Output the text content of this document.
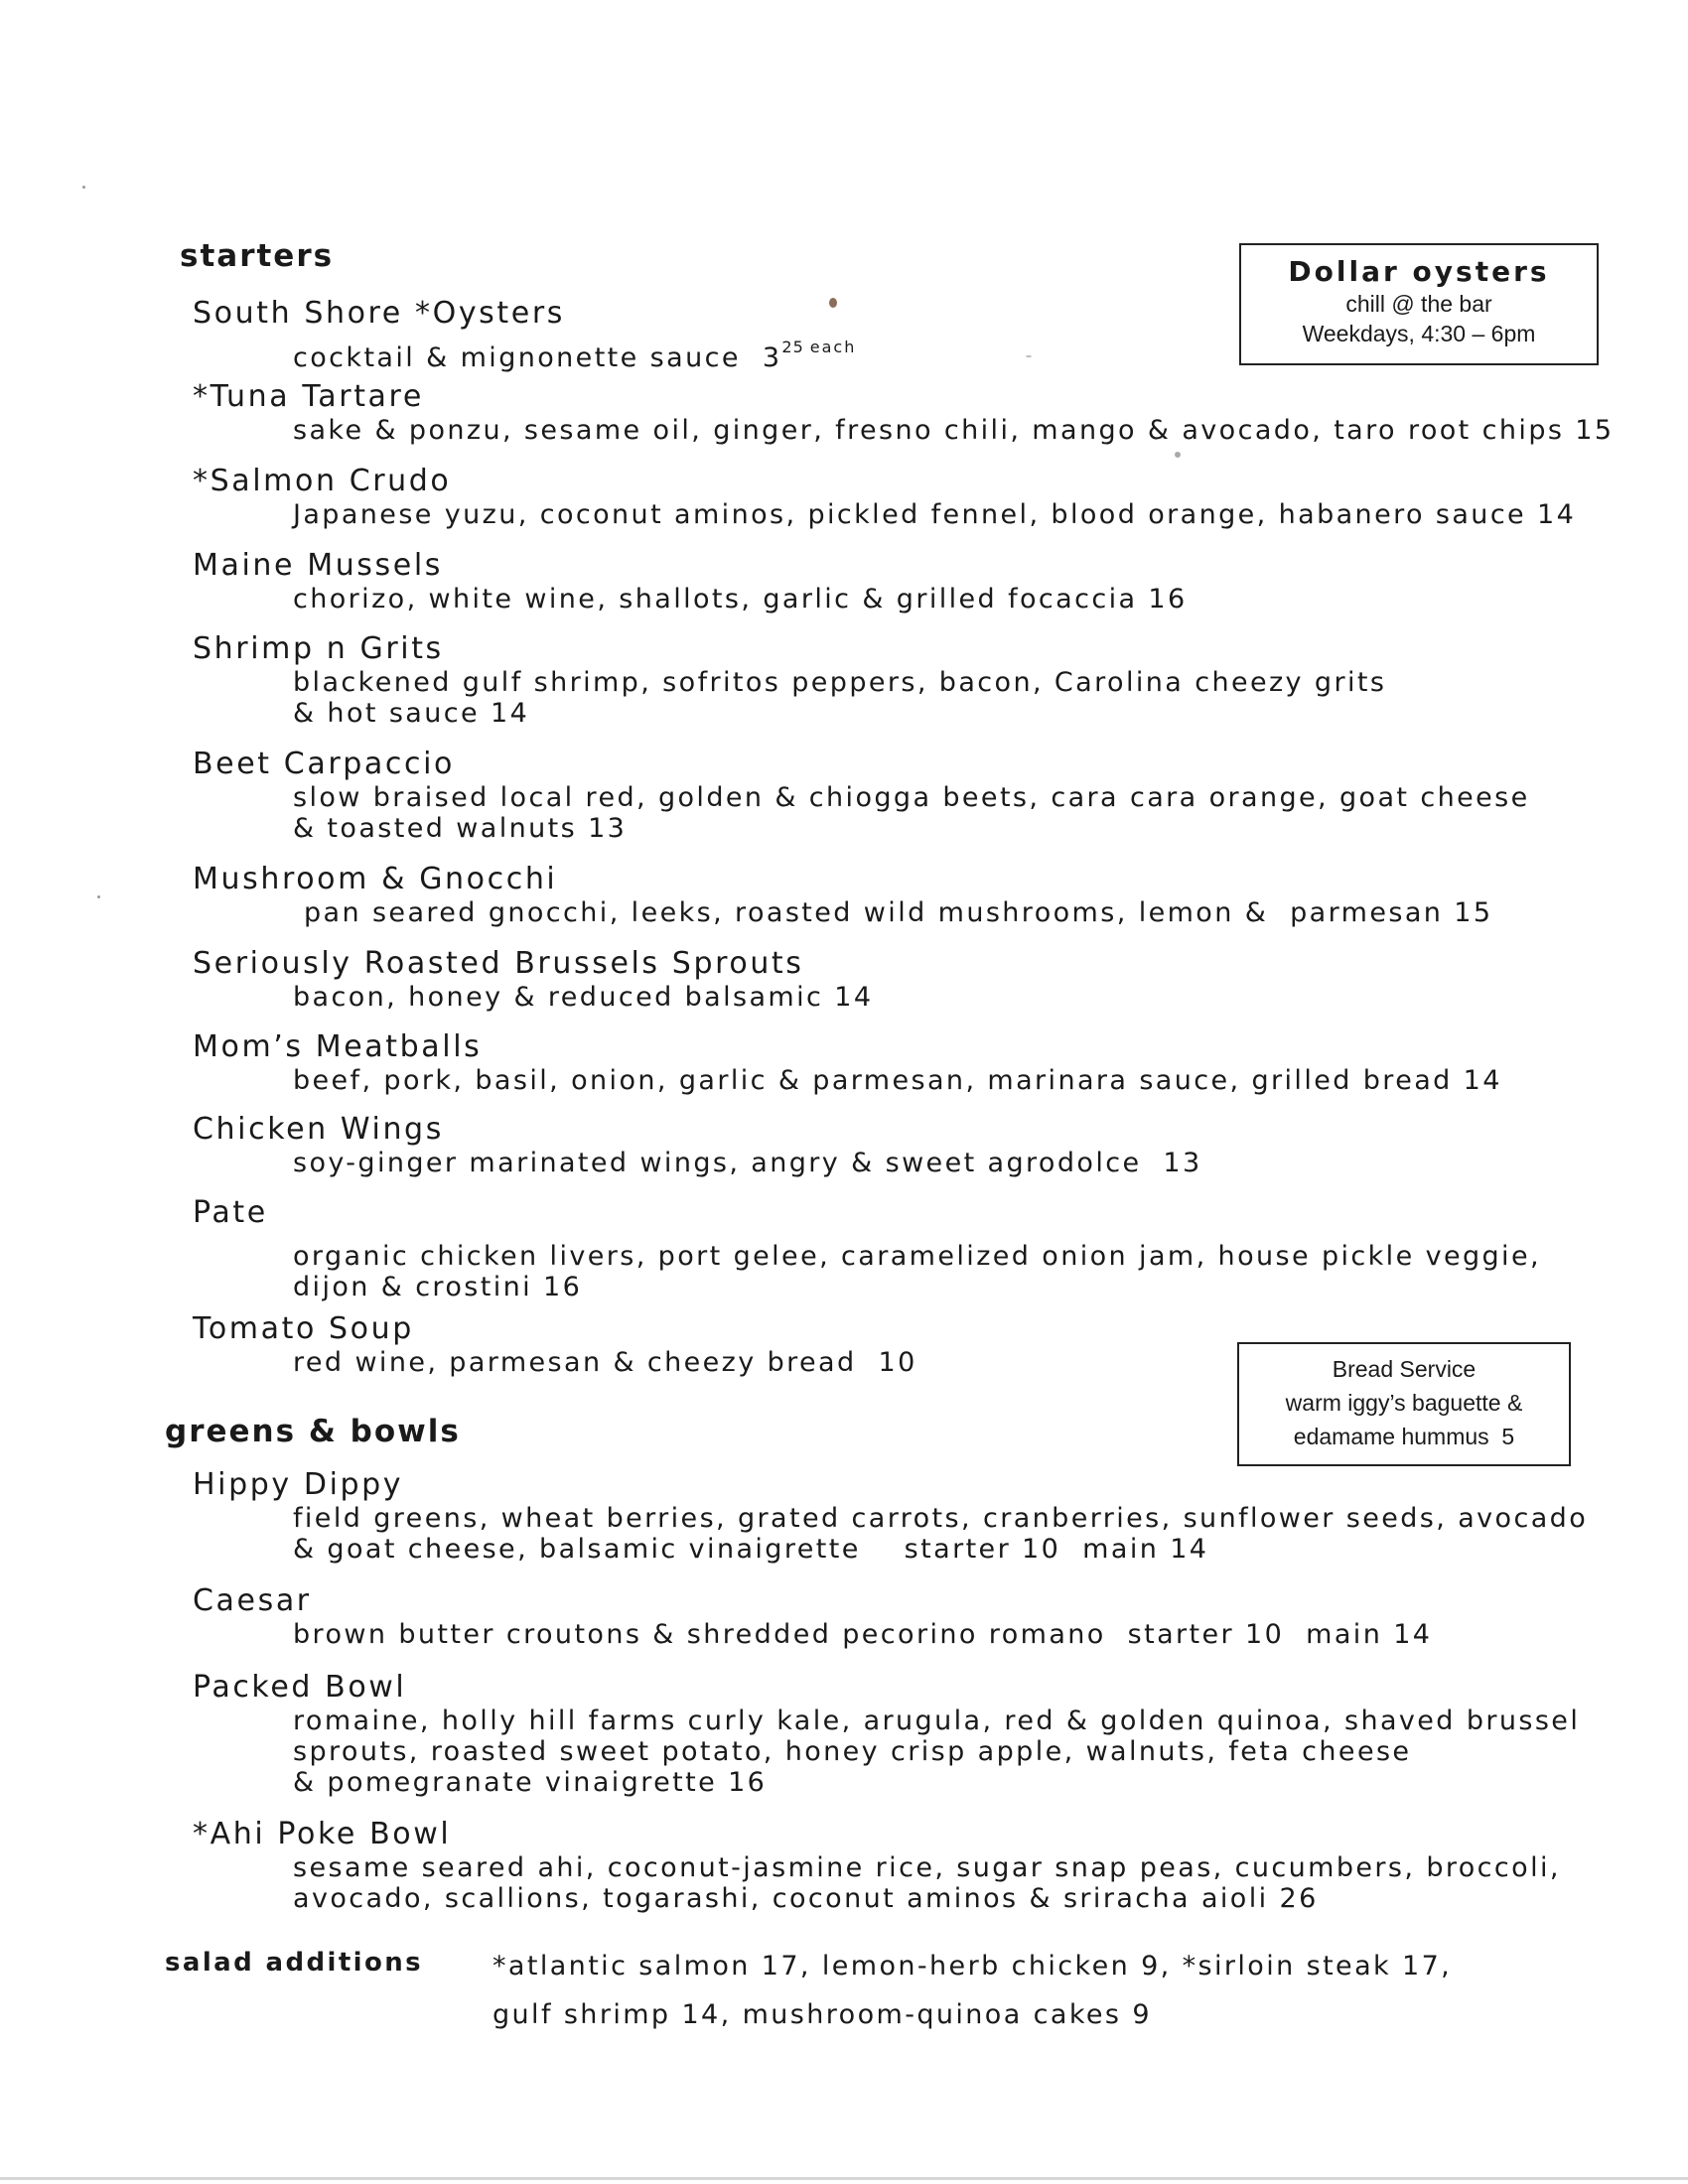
starters
South Shore *Oysters
cocktail & mignonette sauce $3^{25}$ $^{each}$
*Tuna Tartare
sake & ponzu, sesame oil, ginger, fresno chili, mango & avocado, taro root chips 15
*Salmon Crudo
Japanese yuzu, coconut aminos, pickled fennel, blood orange, habanero sauce 14
Maine Mussels
chorizo, white wine, shallots, garlic & grilled focaccia 16
Shrimp n Grits
blackened gulf shrimp, sofritos peppers, bacon, Carolina cheezy grits
& hot sauce 14
Beet Carpaccio
slow braised local red, golden & chiogga beets, cara cara orange, goat cheese
& toasted walnuts 13
Mushroom & Gnocchi
pan seared gnocchi, leeks, roasted wild mushrooms, lemon &  parmesan 15
Seriously Roasted Brussels Sprouts
bacon, honey & reduced balsamic 14
Mom’s Meatballs
beef, pork, basil, onion, garlic & parmesan, marinara sauce, grilled bread 14
Chicken Wings
soy-ginger marinated wings, angry & sweet agrodolce  13
Pate
organic chicken livers, port gelee, caramelized onion jam, house pickle veggie,
dijon & crostini 16
Tomato Soup
red wine, parmesan & cheezy bread  10
greens & bowls
Hippy Dippy
field greens, wheat berries, grated carrots, cranberries, sunflower seeds, avocado
& goat cheese, balsamic vinaigrette    starter 10  main 14
Caesar
brown butter croutons & shredded pecorino romano  starter 10  main 14
Packed Bowl
romaine, holly hill farms curly kale, arugula, red & golden quinoa, shaved brussel
sprouts, roasted sweet potato, honey crisp apple, walnuts, feta cheese
& pomegranate vinaigrette 16
*Ahi Poke Bowl
sesame seared ahi, coconut-jasmine rice, sugar snap peas, cucumbers, broccoli,
avocado, scallions, togarashi, coconut aminos & sriracha aioli 26
salad additions	*atlantic salmon 17, lemon-herb chicken 9, *sirloin steak 17,
gulf shrimp 14, mushroom-quinoa cakes 9
Dollar oysters
chill @ the bar
Weekdays, 4:30 – 6pm
Bread Service
warm iggy’s baguette &
edamame hummus  5
